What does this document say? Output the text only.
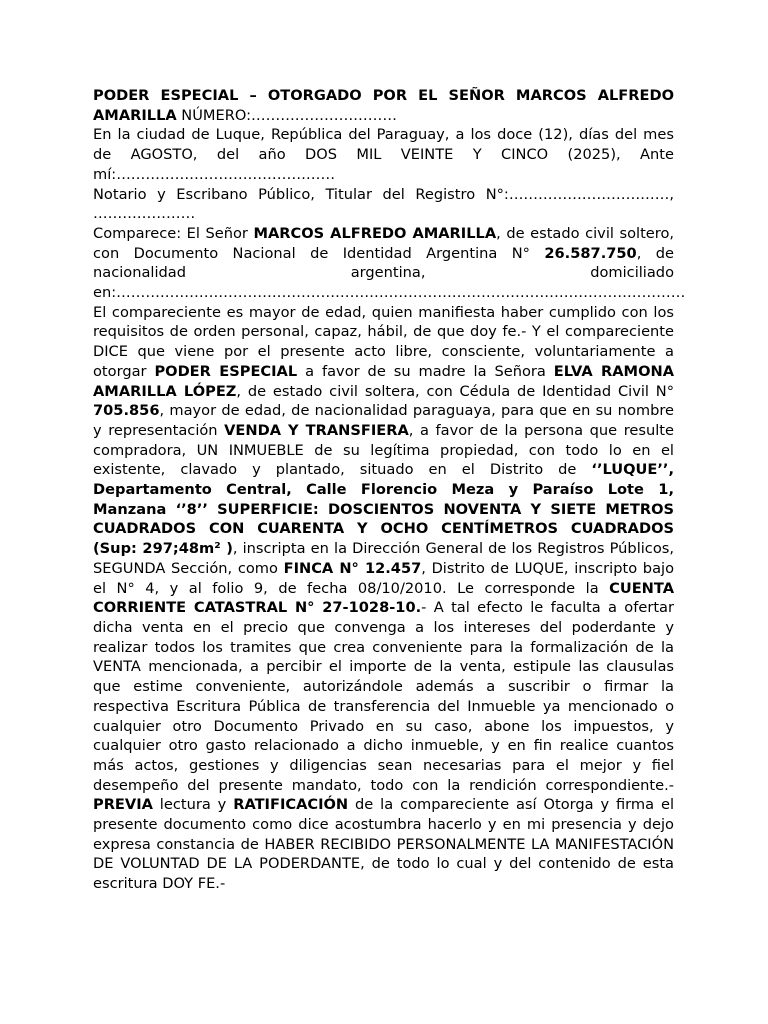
PODER ESPECIAL – OTORGADO POR EL SEÑOR MARCOS ALFREDO AMARILLA NÚMERO:…………………………

En la ciudad de Luque, República del Paraguay, a los doce (12), días del mes de AGOSTO, del año DOS MIL VEINTE Y CINCO (2025), Ante mí:………………………………………

Notario y Escribano Público, Titular del Registro N°:……………………………, …………………

Comparece: El Señor MARCOS ALFREDO AMARILLA, de estado civil soltero, con Documento Nacional de Identidad Argentina N° 26.587.750, de nacionalidad argentina, domiciliado en:………………………………………………………………………………………………………

El compareciente es mayor de edad, quien manifiesta haber cumplido con los requisitos de orden personal, capaz, hábil, de que doy fe.- Y el compareciente DICE que viene por el presente acto libre, consciente, voluntariamente a otorgar PODER ESPECIAL a favor de su madre la Señora ELVA RAMONA AMARILLA LÓPEZ, de estado civil soltera, con Cédula de Identidad Civil N° 705.856, mayor de edad, de nacionalidad paraguaya, para que en su nombre y representación VENDA Y TRANSFIERA, a favor de la persona que resulte compradora, UN INMUEBLE de su legítima propiedad, con todo lo en el existente, clavado y plantado, situado en el Distrito de ‘’LUQUE’’, Departamento Central, Calle Florencio Meza y Paraíso Lote 1, Manzana ‘’8’’ SUPERFICIE: DOSCIENTOS NOVENTA Y SIETE METROS CUADRADOS CON CUARENTA Y OCHO CENTÍMETROS CUADRADOS (Sup: 297;48m² ), inscripta en la Dirección General de los Registros Públicos, SEGUNDA Sección, como FINCA N° 12.457, Distrito de LUQUE, inscripto bajo el N° 4, y al folio 9, de fecha 08/10/2010. Le corresponde la CUENTA CORRIENTE CATASTRAL N° 27-1028-10.- A tal efecto le faculta a ofertar dicha venta en el precio que convenga a los intereses del poderdante y realizar todos los tramites que crea conveniente para la formalización de la VENTA mencionada, a percibir el importe de la venta, estipule las clausulas que estime conveniente, autorizándole además a suscribir o firmar la respectiva Escritura Pública de transferencia del Inmueble ya mencionado o cualquier otro Documento Privado en su caso, abone los impuestos, y cualquier otro gasto relacionado a dicho inmueble, y en fin realice cuantos más actos, gestiones y diligencias sean necesarias para el mejor y fiel desempeño del presente mandato, todo con la rendición correspondiente.- PREVIA lectura y RATIFICACIÓN de la compareciente así Otorga y firma el presente documento como dice acostumbra hacerlo y en mi presencia y dejo expresa constancia de HABER RECIBIDO PERSONALMENTE LA MANIFESTACIÓN DE VOLUNTAD DE LA PODERDANTE, de todo lo cual y del contenido de esta escritura DOY FE.-
